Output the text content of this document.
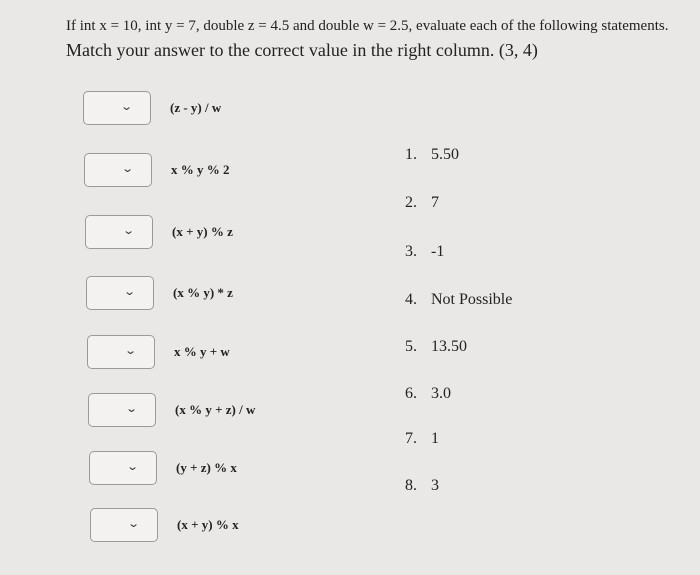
If int x = 10, int y = 7, double z = 4.5 and double w = 2.5, evaluate each of the following statements.
Match your answer to the correct value in the right column. (3, 4)
⌄	(z - y) / w
⌄	x % y % 2
⌄	(x + y) % z
⌄	(x % y) * z
⌄	x % y + w
⌄	(x % y + z) / w
⌄	(y + z) % x
⌄	(x + y) % x
1. 5.50
2. 7
3. -1
4. Not Possible
5. 13.50
6. 3.0
7. 1
8. 3
